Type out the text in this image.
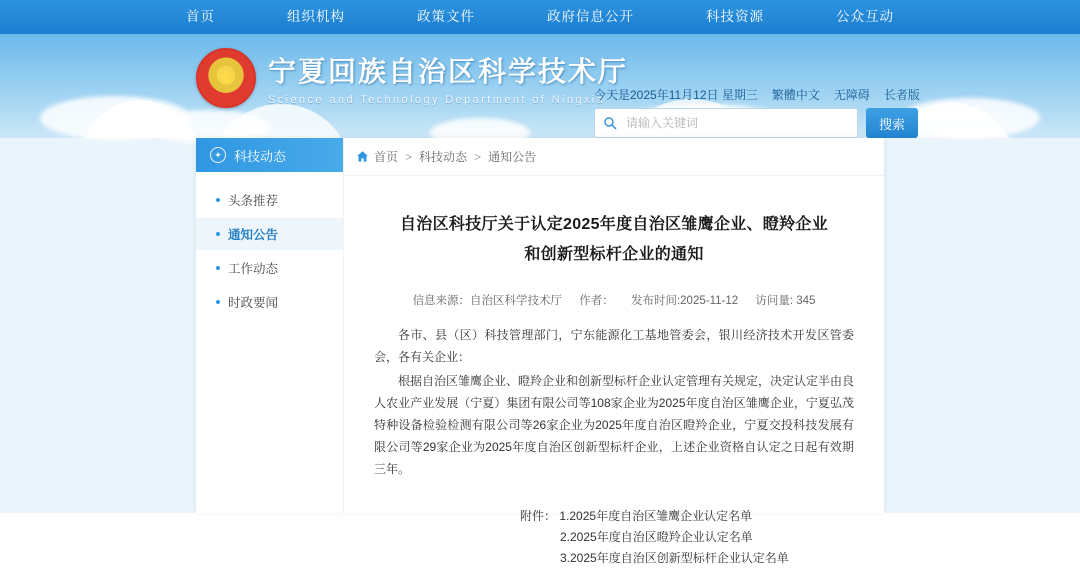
首页	组织机构	政策文件	政府信息公开	科技资源	公众互动
★
宁夏回族自治区科学技术厅
Science and Technology Department of Ningxia
今天是2025年11月12日 星期三 繁體中文 无障碍 长者版
请输入关键词
搜索
✦ 科技动态
头条推荐
通知公告
工作动态
时政要闻
首页 > 科技动态 > 通知公告
自治区科技厅关于认定2025年度自治区雏鹰企业、瞪羚企业
和创新型标杆企业的通知
信息来源：自治区科学技术厅 作者： 发布时间:2025-11-12 访问量: 345

各市、县（区）科技管理部门，宁东能源化工基地管委会，银川经济技术开发区管委会，各有关企业：

根据自治区雏鹰企业、瞪羚企业和创新型标杆企业认定管理有关规定，决定认定半由良人农业产业发展（宁夏）集团有限公司等108家企业为2025年度自治区雏鹰企业，宁夏弘茂特种设备检验检测有限公司等26家企业为2025年度自治区瞪羚企业，宁夏交投科技发展有限公司等29家企业为2025年度自治区创新型标杆企业，上述企业资格自认定之日起有效期三年。

附件： 1.2025年度自治区雏鹰企业认定名单
2.2025年度自治区瞪羚企业认定名单
3.2025年度自治区创新型标杆企业认定名单
